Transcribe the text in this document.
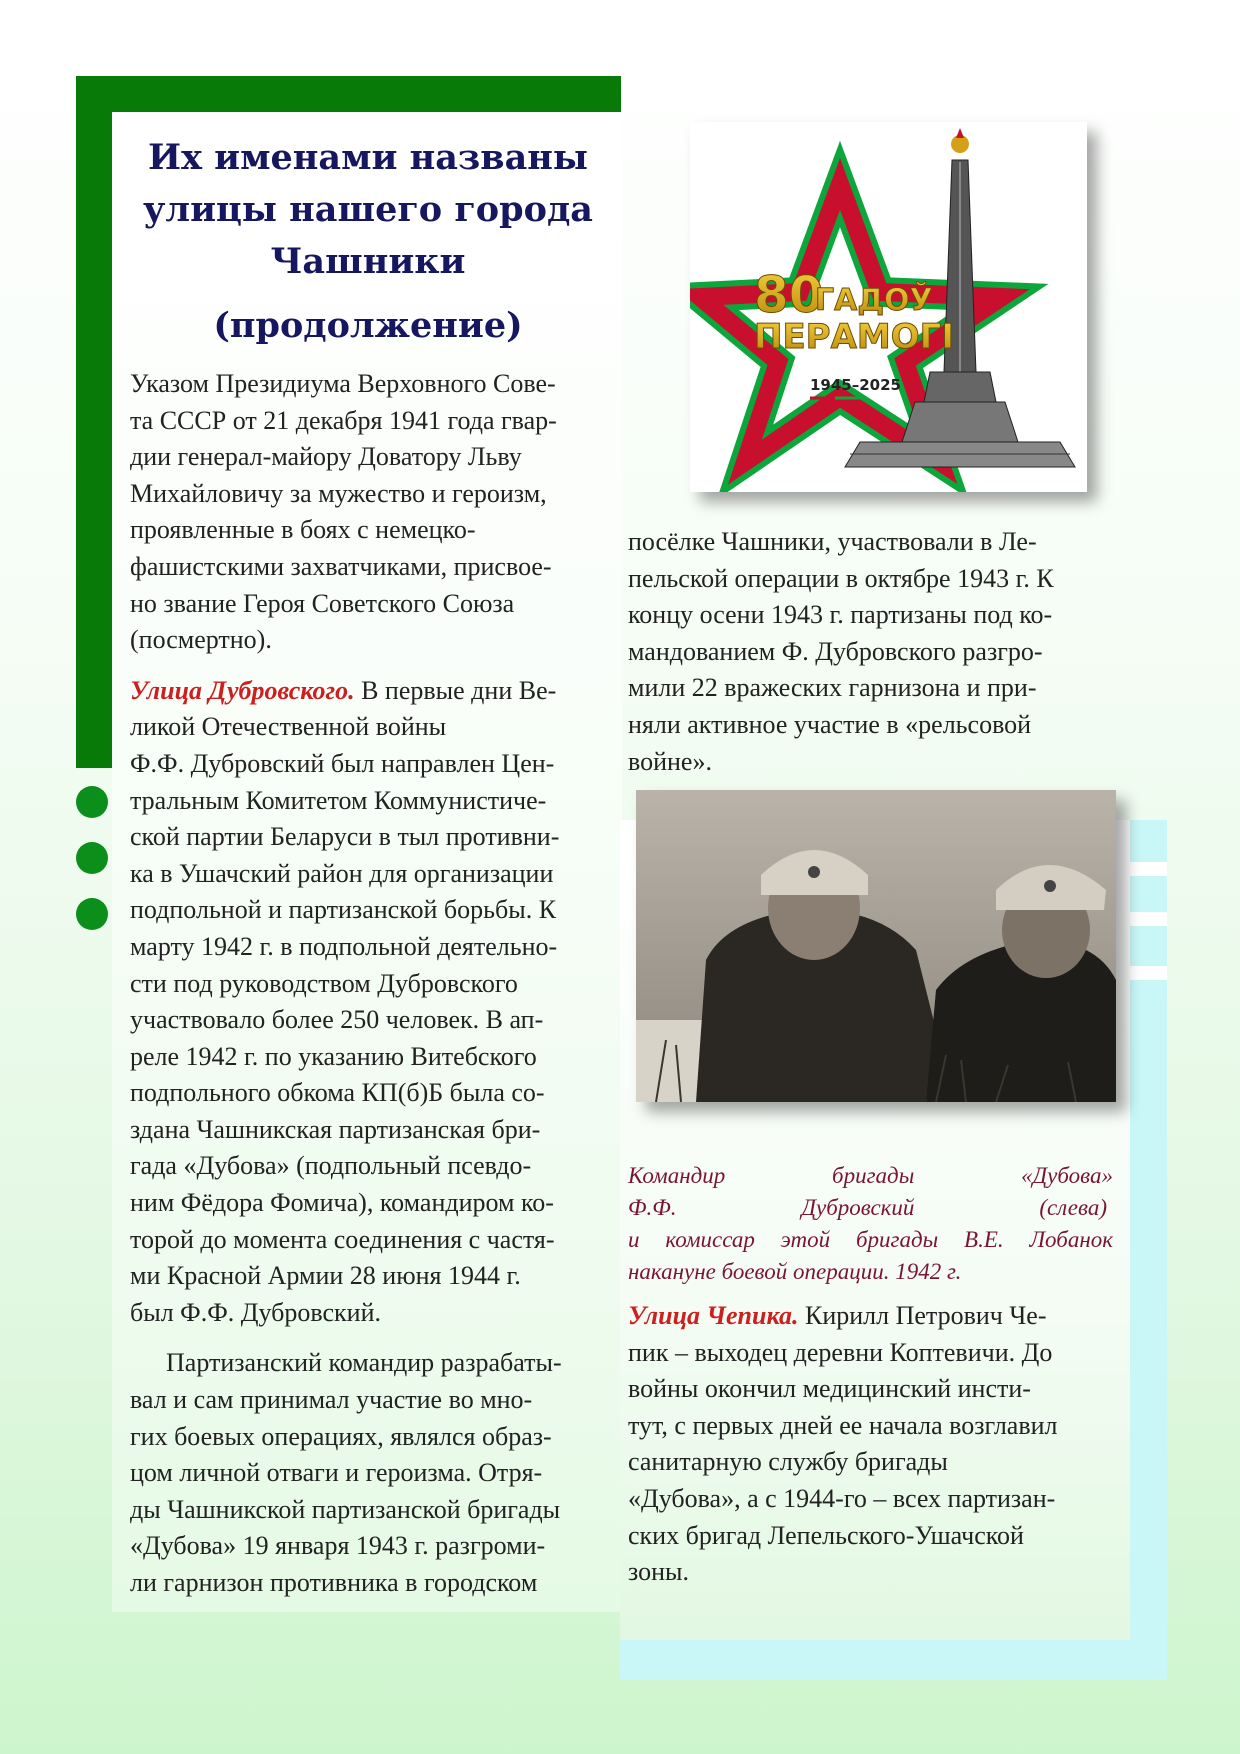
Их именами названы
улицы нашего города
Чашники
(продолжение)
80
ГАДОЎ
ПЕРАМОГІ
1945–2025

Указом Президиума Верховного Сове-
та СССР от 21 декабря 1941 года гвар-
дии генерал-майору Доватору Льву
Михайловичу за мужество и героизм,
проявленные в боях с немецко-
фашистскими захватчиками, присвое-
но звание Героя Советского Союза
(посмертно).

Улица Дубровского. В первые дни Ве-
ликой Отечественной войны
Ф.Ф. Дубровский был направлен Цен-
тральным Комитетом Коммунистиче-
ской партии Беларуси в тыл противни-
ка в Ушачский район для организации
подпольной и партизанской борьбы. К
марту 1942 г. в подпольной деятельно-
сти под руководством Дубровского
участвовало более 250 человек. В ап-
реле 1942 г. по указанию Витебского
подпольного обкома КП(б)Б была со-
здана Чашникская партизанская бри-
гада «Дубова» (подпольный псевдо-
ним Фёдора Фомича), командиром ко-
торой до момента соединения с частя-
ми Красной Армии 28 июня 1944 г.
был Ф.Ф. Дубровский.

Партизанский командир разрабаты-
вал и сам принимал участие во мно-
гих боевых операциях, являлся образ-
цом личной отваги и героизма. Отря-
ды Чашникской партизанской бригады
«Дубова» 19 января 1943 г. разгроми-
ли гарнизон противника в городском

посёлке Чашники, участвовали в Ле-
пельской операции в октябре 1943 г. К
концу осени 1943 г. партизаны под ко-
мандованием Ф. Дубровского разгро-
мили 22 вражеских гарнизона и при-
няли активное участие в «рельсовой
войне».

Командир	бригады	«Дубова»
Ф.Ф.	Дубровский	(слева)
и комиссар этой бригады В.Е. Лобанок
накануне боевой операции. 1942 г.

Улица Чепика. Кирилл Петрович Че-
пик – выходец деревни Коптевичи. До
войны окончил медицинский инсти-
тут, с первых дней ее начала возглавил
санитарную службу бригады
«Дубова», а с 1944-го – всех партизан-
ских бригад Лепельского-Ушачской
зоны.
